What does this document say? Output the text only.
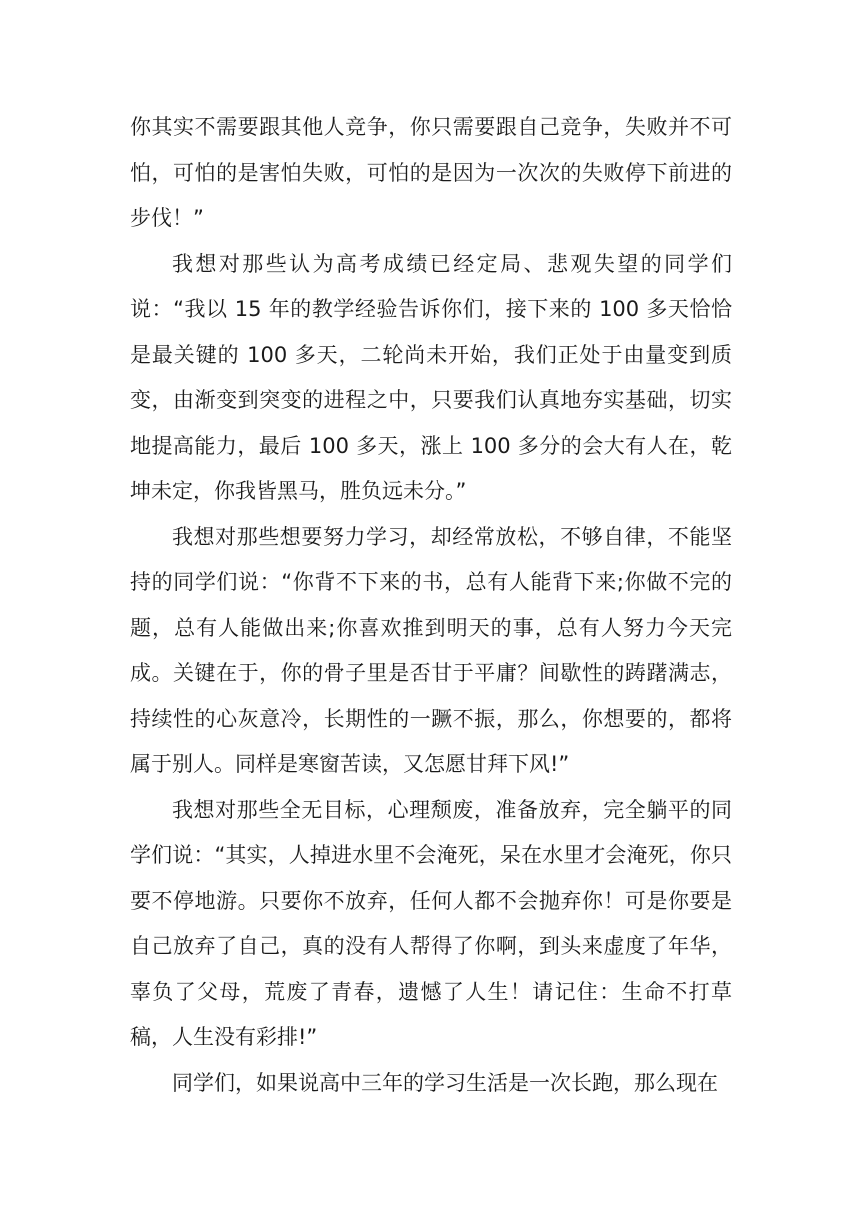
你其实不需要跟其他人竞争，你只需要跟自己竞争，失败并不可怕，可怕的是害怕失败，可怕的是因为一次次的失败停下前进的步伐！”

我想对那些认为高考成绩已经定局、悲观失望的同学们说：“我以 15 年的教学经验告诉你们，接下来的 100 多天恰恰是最关键的 100 多天，二轮尚未开始，我们正处于由量变到质变，由渐变到突变的进程之中，只要我们认真地夯实基础，切实地提高能力，最后 100 多天，涨上 100 多分的会大有人在，乾坤未定，你我皆黑马，胜负远未分。”

我想对那些想要努力学习，却经常放松，不够自律，不能坚持的同学们说：“你背不下来的书，总有人能背下来;你做不完的题，总有人能做出来;你喜欢推到明天的事，总有人努力今天完成。关键在于，你的骨子里是否甘于平庸？间歇性的踌躇满志，持续性的心灰意冷，长期性的一蹶不振，那么，你想要的，都将属于别人。同样是寒窗苦读，又怎愿甘拜下风!”

我想对那些全无目标，心理颓废，准备放弃，完全躺平的同学们说：“其实，人掉进水里不会淹死，呆在水里才会淹死，你只要不停地游。只要你不放弃，任何人都不会抛弃你！可是你要是自己放弃了自己，真的没有人帮得了你啊，到头来虚度了年华，辜负了父母，荒废了青春，遗憾了人生！请记住：生命不打草稿，人生没有彩排!”

同学们，如果说高中三年的学习生活是一次长跑，那么现在
